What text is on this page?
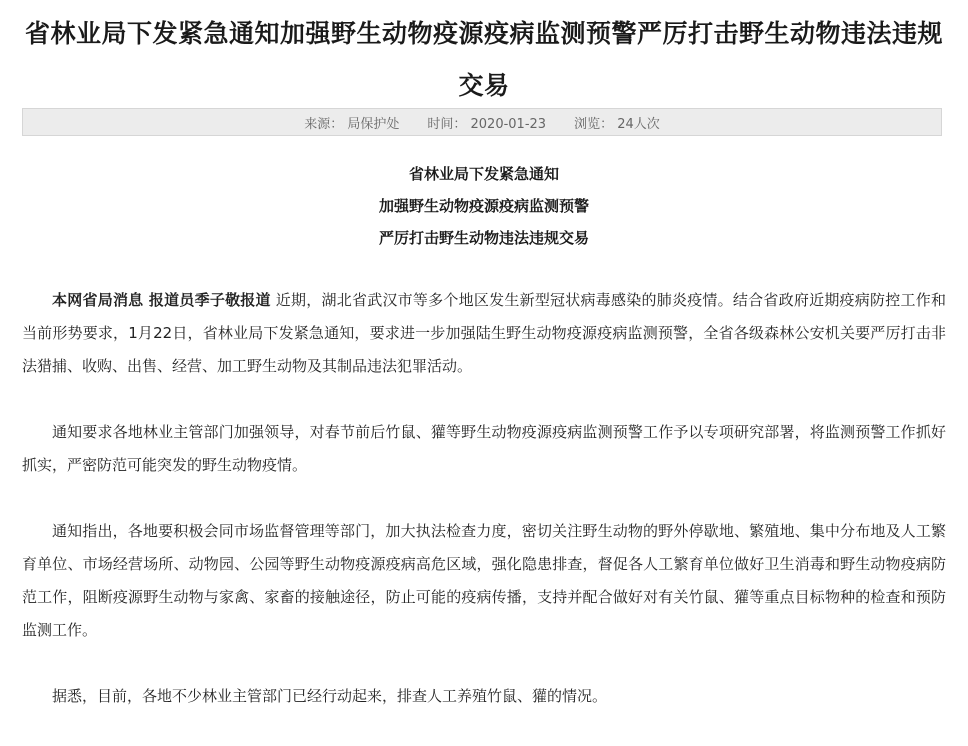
省林业局下发紧急通知加强野生动物疫源疫病监测预警严厉打击野生动物违法违规交易
来源： 局保护处 时间： 2020-01-23 浏览： 24人次
省林业局下发紧急通知
加强野生动物疫源疫病监测预警
严厉打击野生动物违法违规交易

本网省局消息 报道员季子敬报道 近期，湖北省武汉市等多个地区发生新型冠状病毒感染的肺炎疫情。结合省政府近期疫病防控工作和当前形势要求，1月22日，省林业局下发紧急通知，要求进一步加强陆生野生动物疫源疫病监测预警，全省各级森林公安机关要严厉打击非法猎捕、收购、出售、经营、加工野生动物及其制品违法犯罪活动。

通知要求各地林业主管部门加强领导，对春节前后竹鼠、獾等野生动物疫源疫病监测预警工作予以专项研究部署，将监测预警工作抓好抓实，严密防范可能突发的野生动物疫情。

通知指出，各地要积极会同市场监督管理等部门，加大执法检查力度，密切关注野生动物的野外停歇地、繁殖地、集中分布地及人工繁育单位、市场经营场所、动物园、公园等野生动物疫源疫病高危区域，强化隐患排查，督促各人工繁育单位做好卫生消毒和野生动物疫病防范工作，阻断疫源野生动物与家禽、家畜的接触途径，防止可能的疫病传播，支持并配合做好对有关竹鼠、獾等重点目标物种的检查和预防监测工作。

据悉，目前，各地不少林业主管部门已经行动起来，排查人工养殖竹鼠、獾的情况。
